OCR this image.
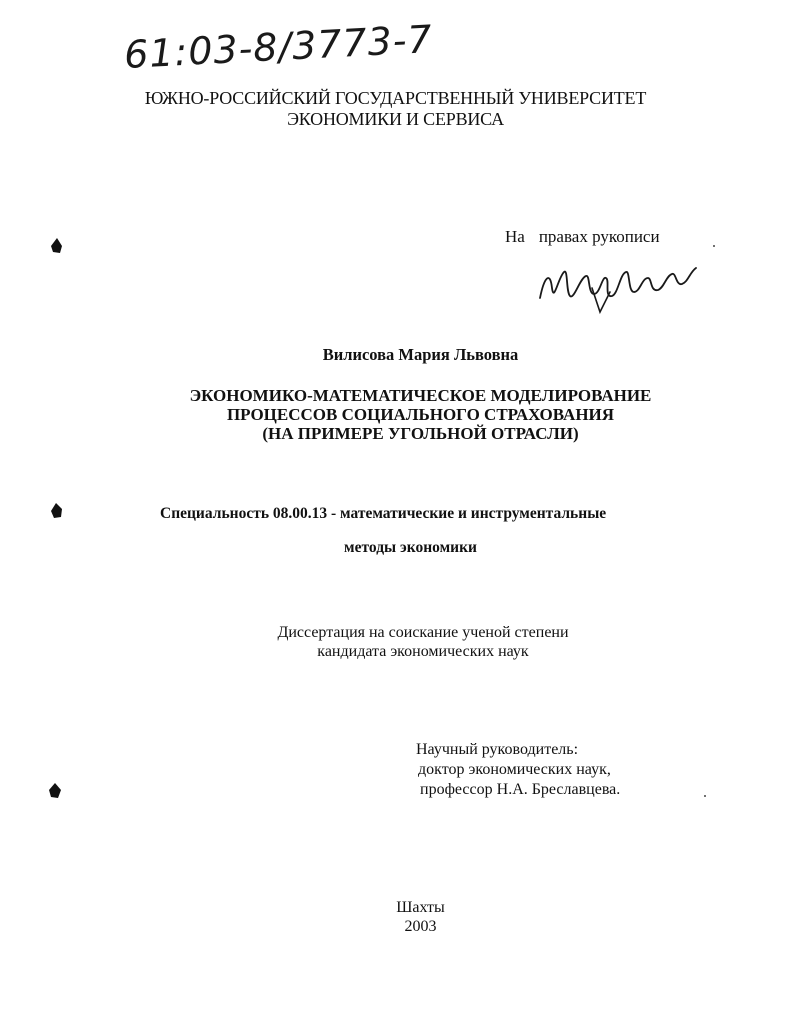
61:03-8/3773-7
ЮЖНО-РОССИЙСКИЙ ГОСУДАРСТВЕННЫЙ УНИВЕРСИТЕТ
ЭКОНОМИКИ И СЕРВИСА
На правах рукописи
Вилисова Мария Львовна
ЭКОНОМИКО-МАТЕМАТИЧЕСКОЕ МОДЕЛИРОВАНИЕ
ПРОЦЕССОВ СОЦИАЛЬНОГО СТРАХОВАНИЯ
(НА ПРИМЕРЕ УГОЛЬНОЙ ОТРАСЛИ)
Специальность 08.00.13 - математические и инструментальные
методы экономики
Диссертация на соискание ученой степени
кандидата экономических наук
Научный руководитель:
доктор экономических наук,
профессор Н.А. Бреславцева.
Шахты
2003
